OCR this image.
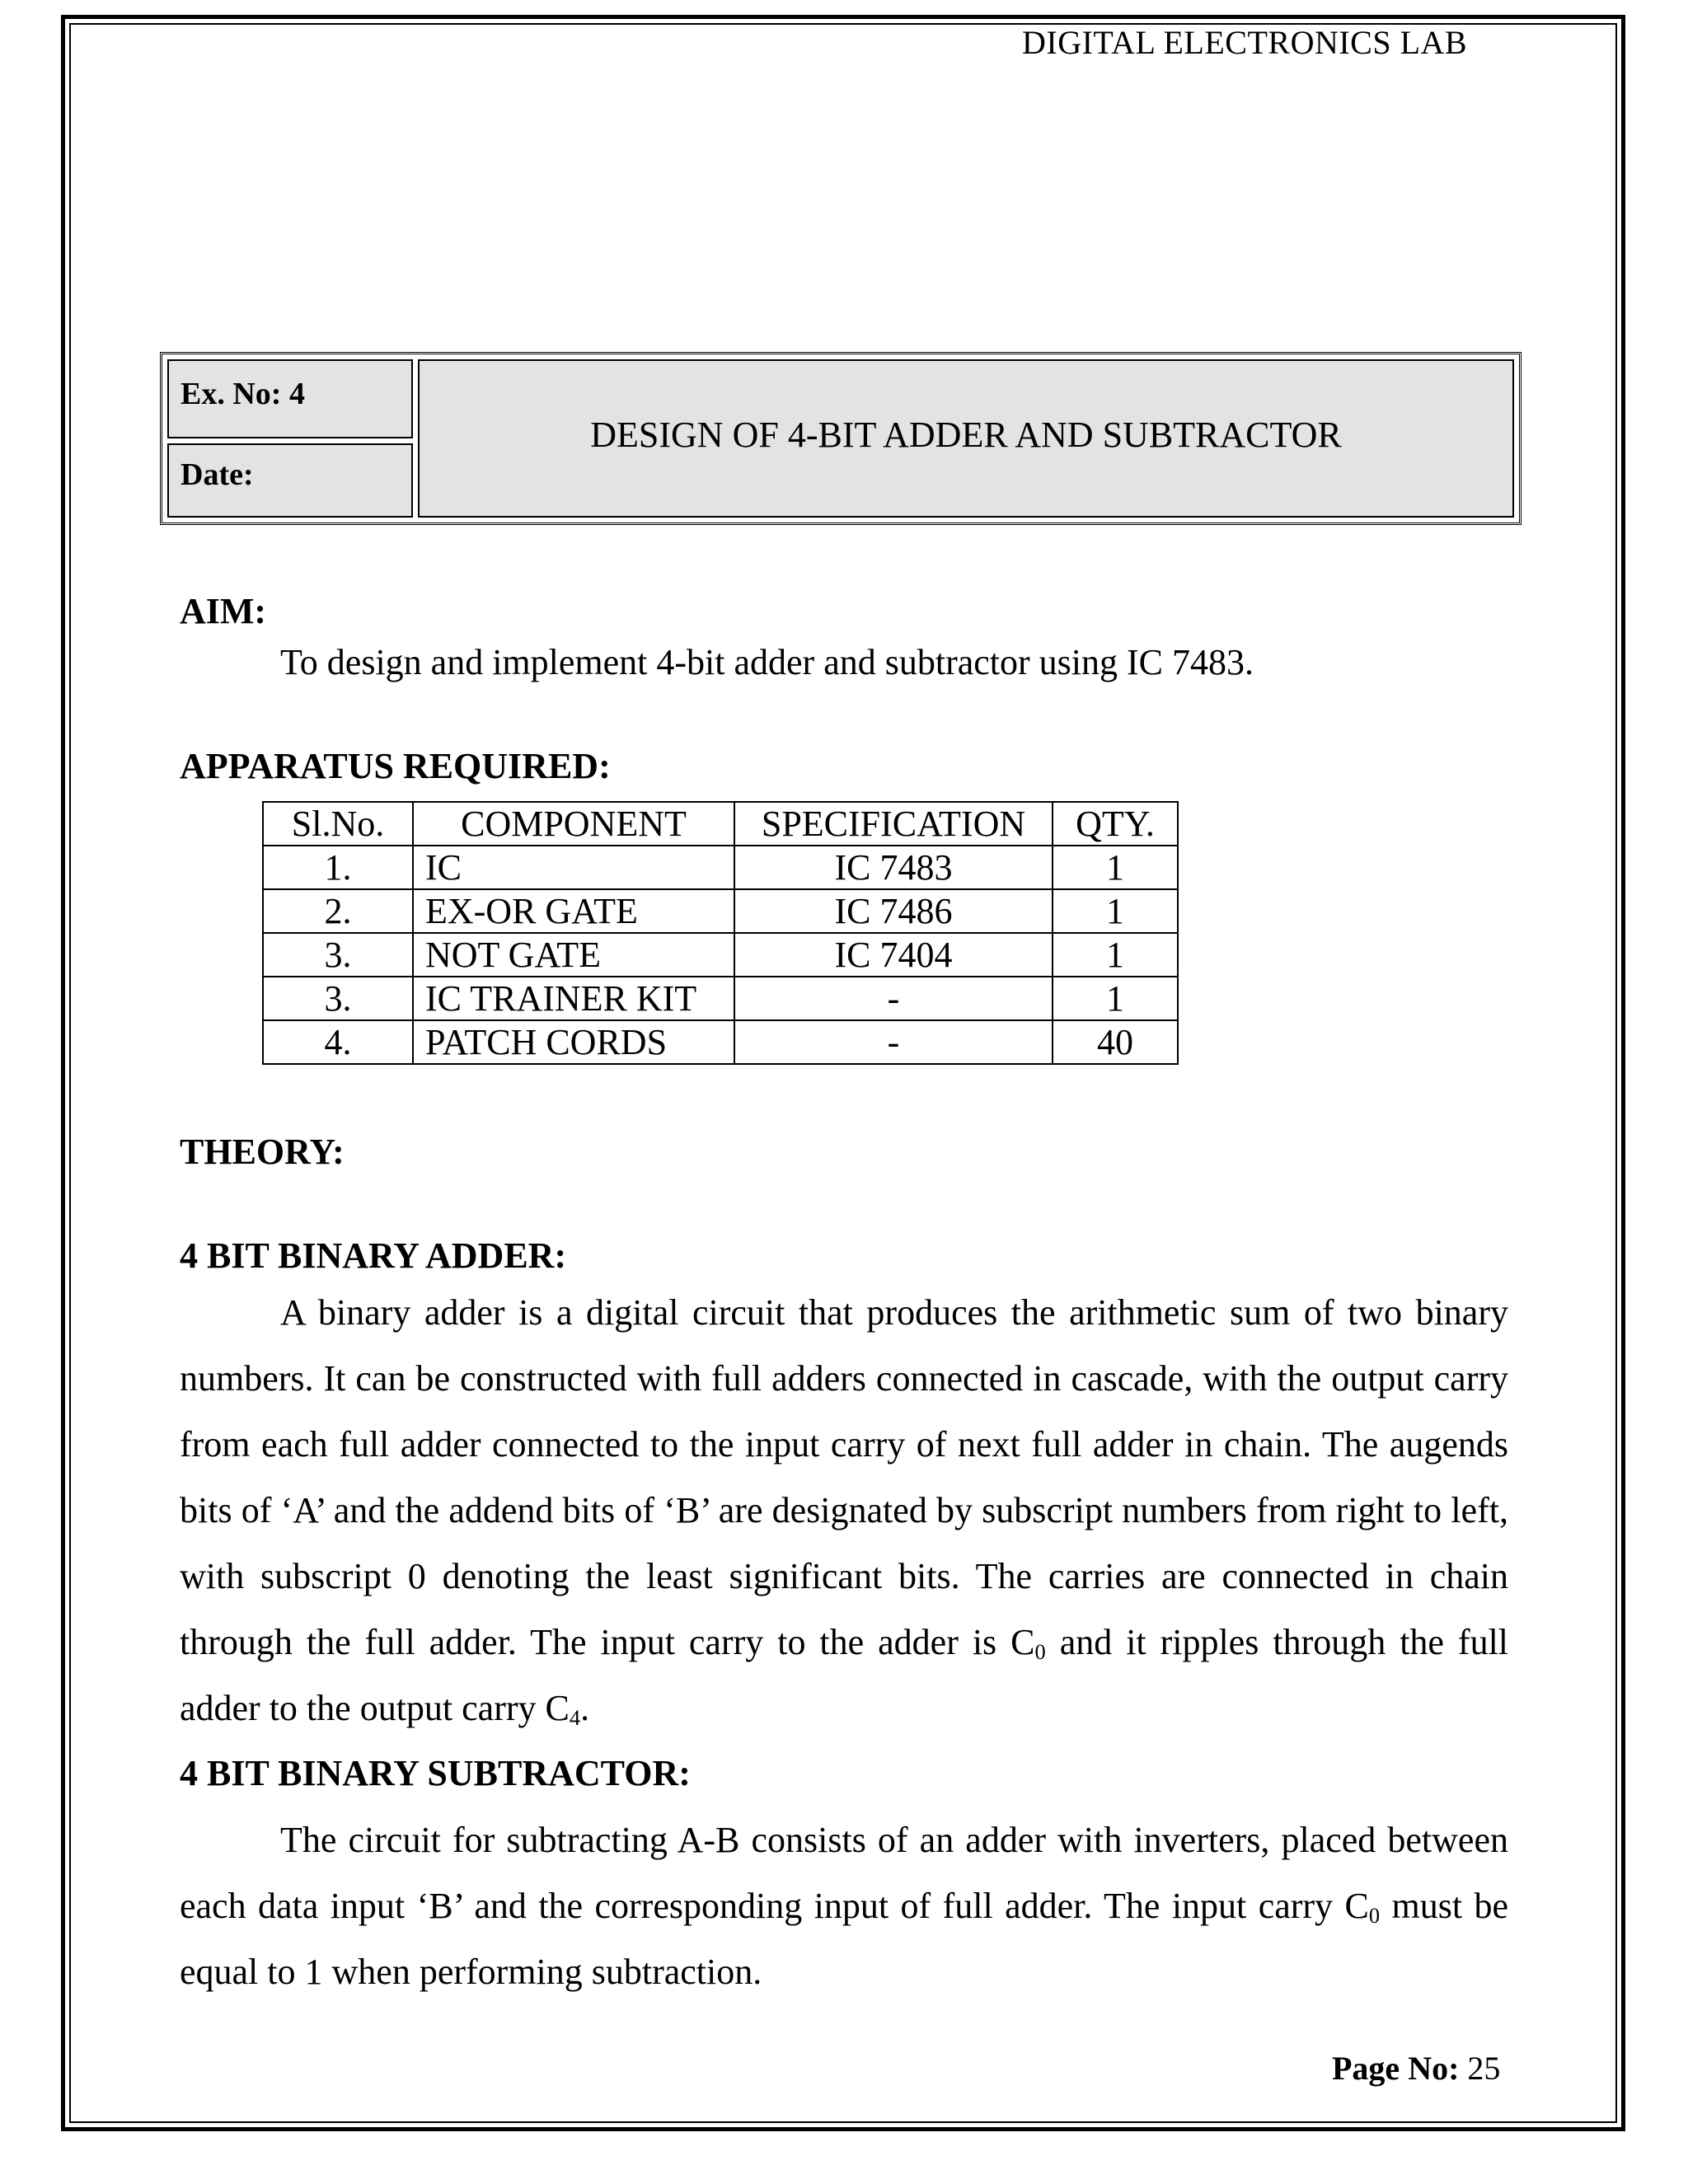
DIGITAL ELECTRONICS LAB
Ex. No: 4
Date:
DESIGN OF 4-BIT ADDER AND SUBTRACTOR
AIM:
To design and implement 4-bit adder and subtractor using IC 7483.
APPARATUS REQUIRED:
Sl.No.	COMPONENT	SPECIFICATION	QTY.
1.	IC	IC 7483	1
2.	EX-OR GATE	IC 7486	1
3.	NOT GATE	IC 7404	1
3.	IC TRAINER KIT	-	1
4.	PATCH CORDS	-	40
THEORY:
4 BIT BINARY ADDER:

A binary adder is a digital circuit that produces the arithmetic sum of two binary numbers. It can be constructed with full adders connected in cascade, with the output carry from each full adder connected to the input carry of next full adder in chain. The augends bits of ‘A’ and the addend bits of ‘B’ are designated by subscript numbers from right to left, with subscript 0 denoting the least significant bits. The carries are connected in chain through the full adder. The input carry to the adder is $C_0$ and it ripples through the full adder to the output carry $C_4$.

4 BIT BINARY SUBTRACTOR:

The circuit for subtracting A-B consists of an adder with inverters, placed between each data input ‘B’ and the corresponding input of full adder. The input carry $C_0$ must be equal to 1 when performing subtraction.

Page No: 25
